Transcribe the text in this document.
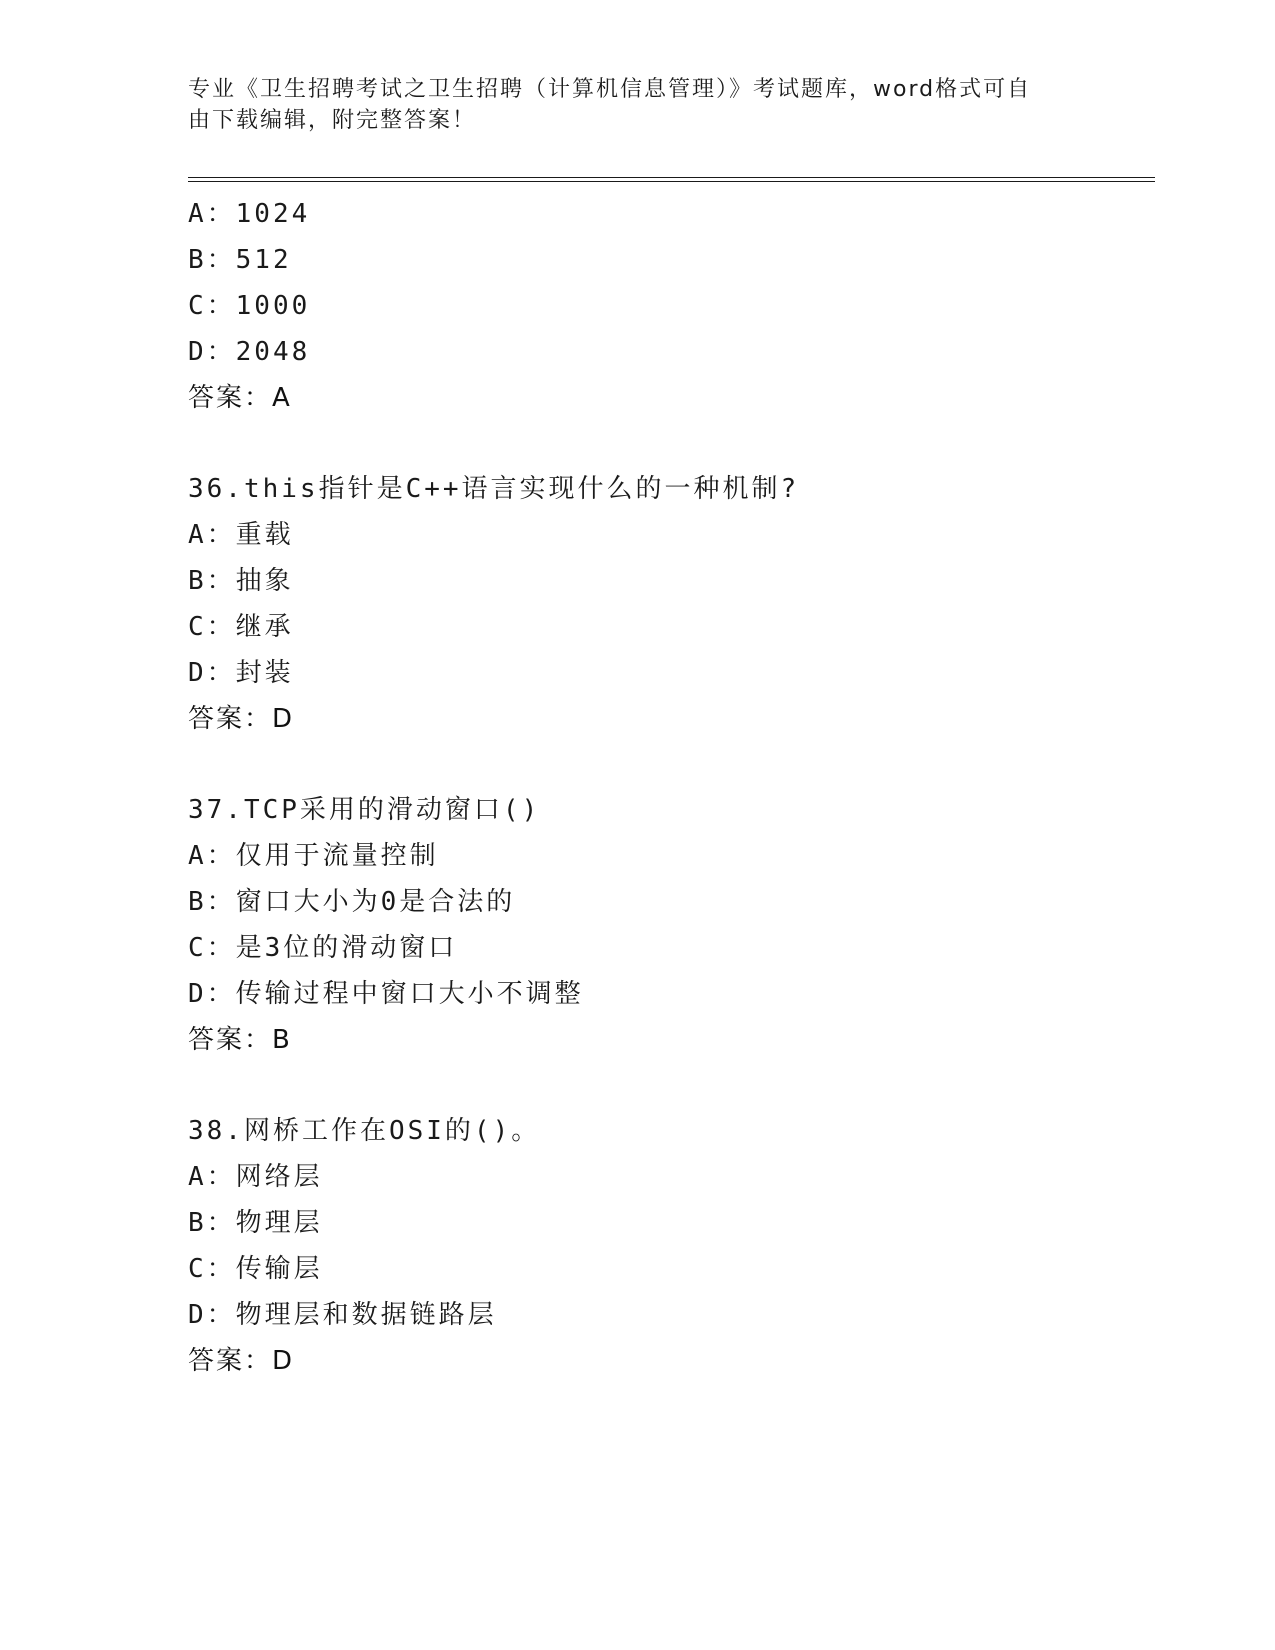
专业《卫生招聘考试之卫生招聘（计算机信息管理）》考试题库，word格式可自
由下载编辑，附完整答案！
A：1024
B：512
C：1000
D：2048
答案：A
36.this指针是C++语言实现什么的一种机制?
A：重载
B：抽象
C：继承
D：封装
答案：D
37.TCP采用的滑动窗口()
A：仅用于流量控制
B：窗口大小为0是合法的
C：是3位的滑动窗口
D：传输过程中窗口大小不调整
答案：B
38.网桥工作在OSI的()。
A：网络层
B：物理层
C：传输层
D：物理层和数据链路层
答案：D
